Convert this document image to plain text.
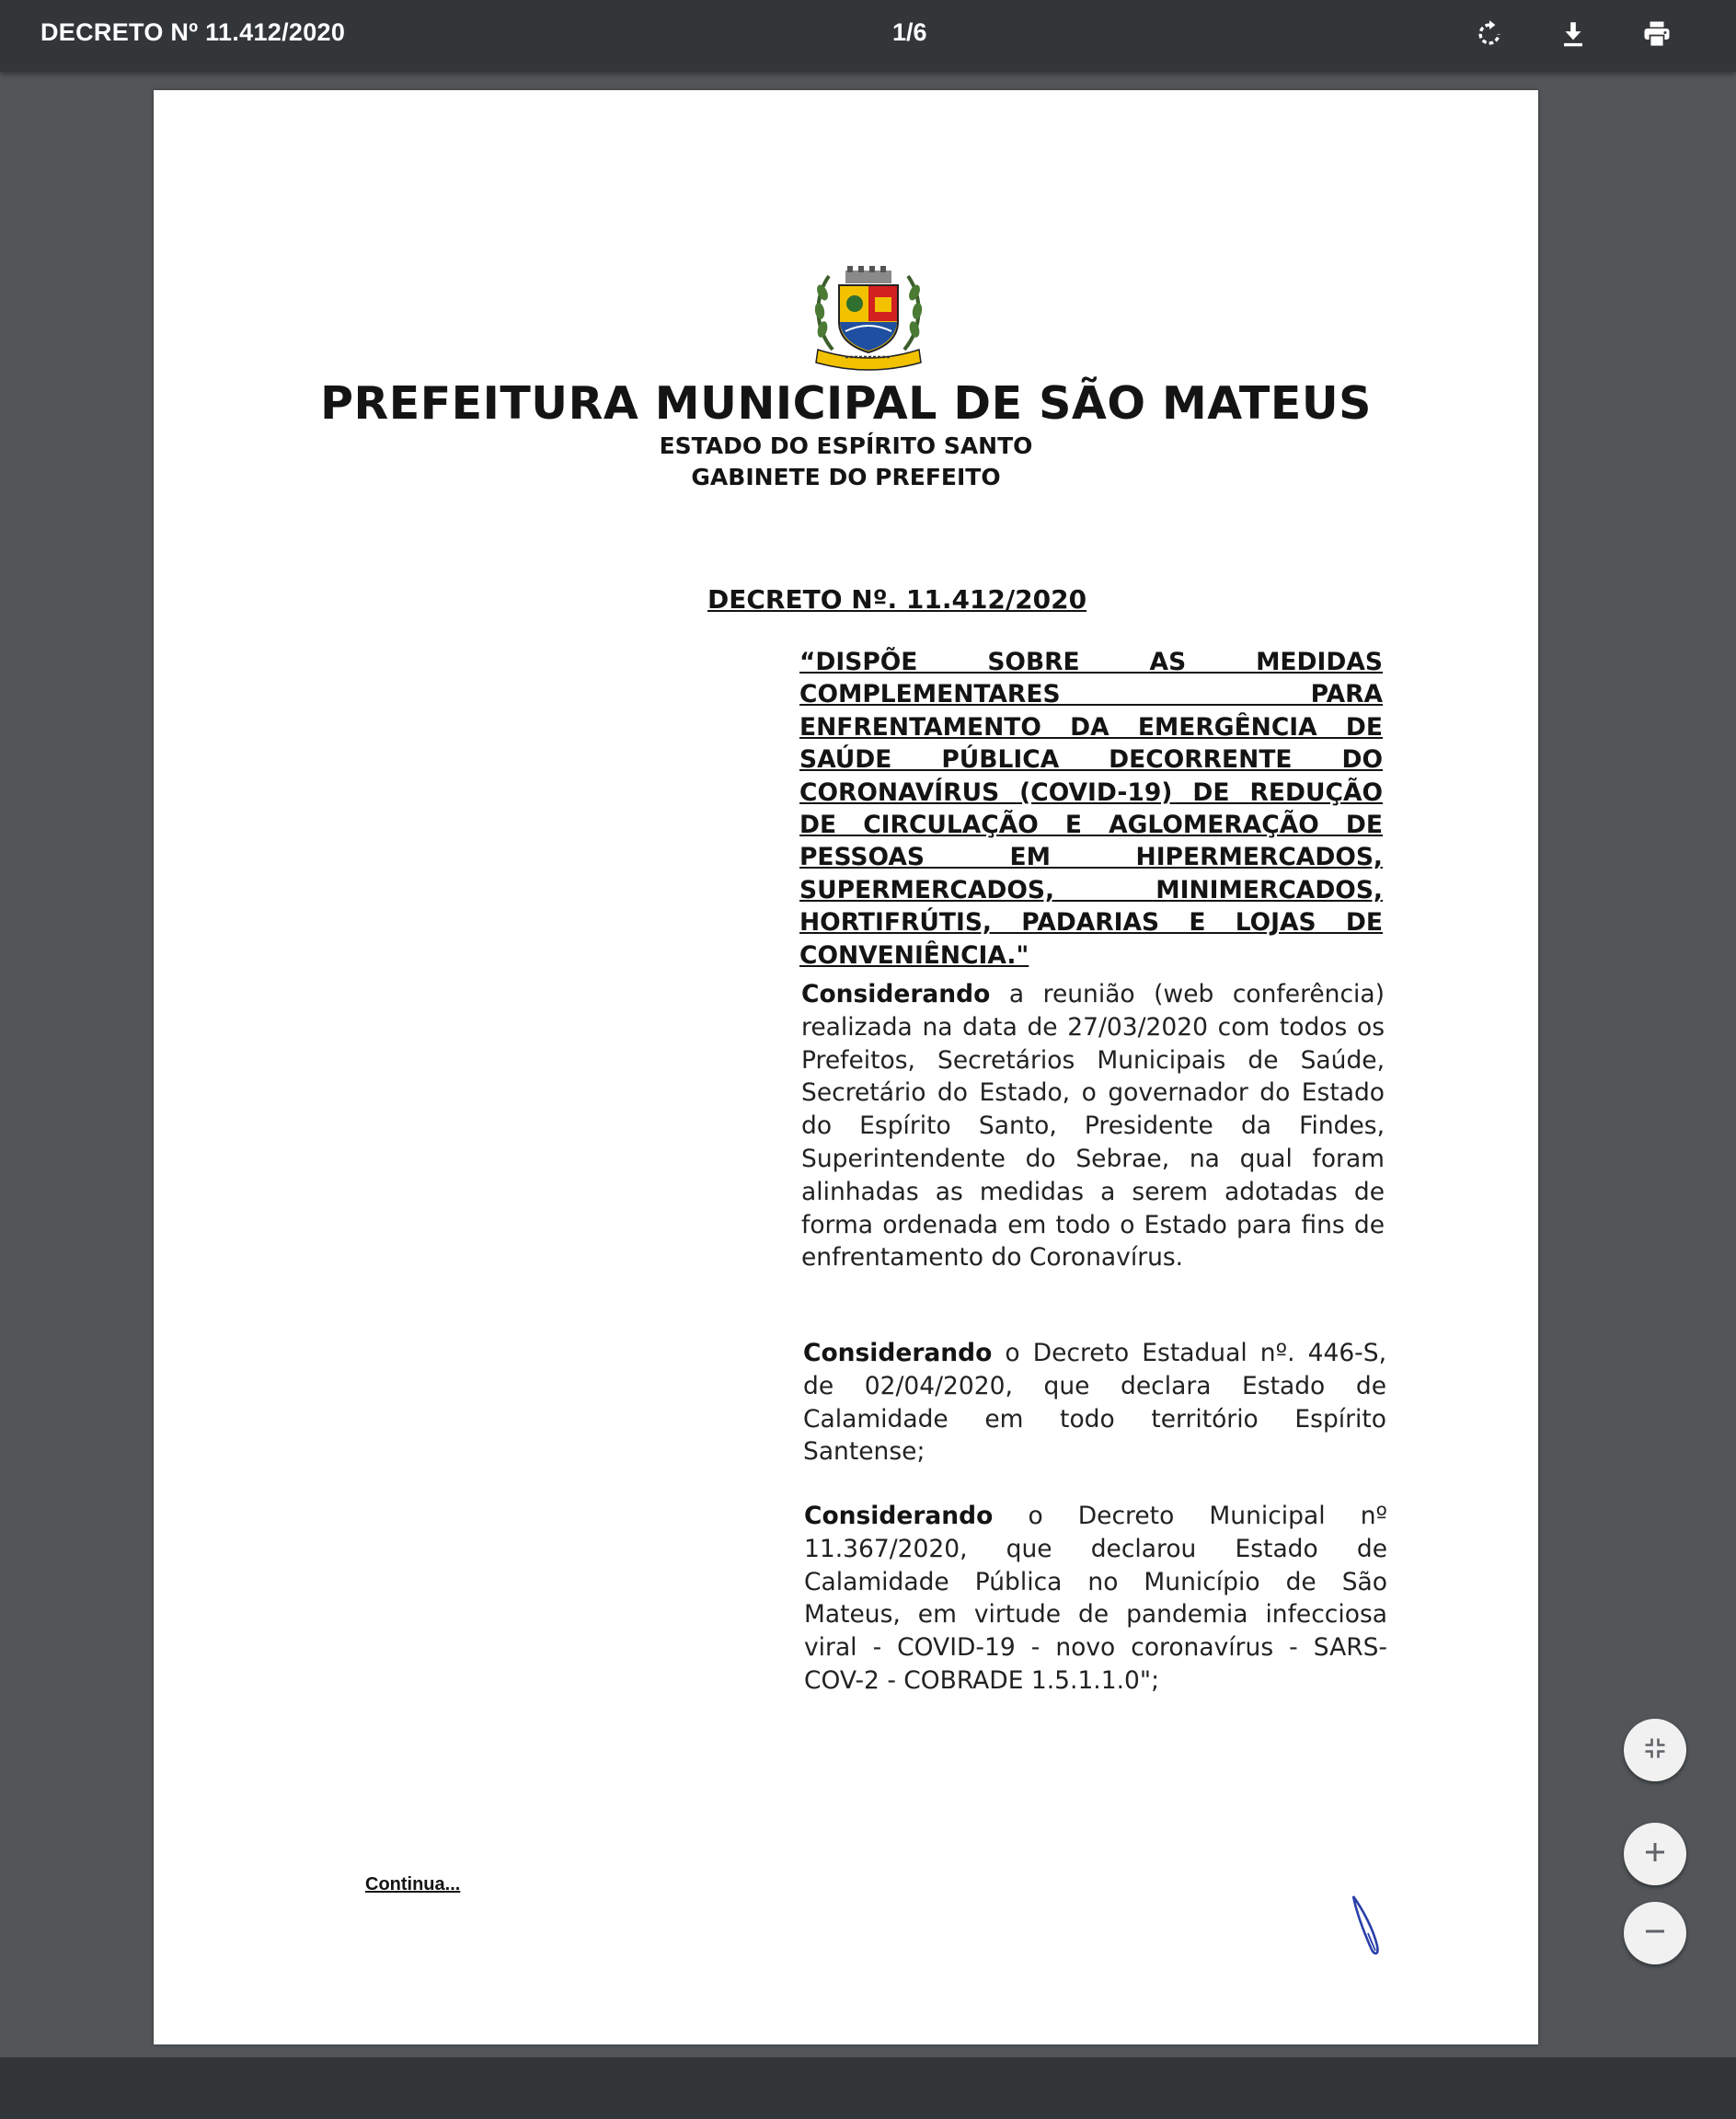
DECRETO Nº 11.412/2020	1/6
PREFEITURA MUNICIPAL DE SÃO MATEUS
ESTADO DO ESPÍRITO SANTO
GABINETE DO PREFEITO
DECRETO Nº. 11.412/2020

“DISPÕE SOBRE AS MEDIDAS COMPLEMENTARES PARA ENFRENTAMENTO DA EMERGÊNCIA DE SAÚDE PÚBLICA DECORRENTE DO CORONAVÍRUS (COVID-19) DE REDUÇÃO DE CIRCULAÇÃO E AGLOMERAÇÃO DE PESSOAS EM HIPERMERCADOS, SUPERMERCADOS, MINIMERCADOS, HORTIFRÚTIS, PADARIAS E LOJAS DE CONVENIÊNCIA."

Considerando a reunião (web conferência) realizada na data de 27/03/2020 com todos os Prefeitos, Secretários Municipais de Saúde, Secretário do Estado, o governador do Estado do Espírito Santo, Presidente da Findes, Superintendente do Sebrae, na qual foram alinhadas as medidas a serem adotadas de forma ordenada em todo o Estado para fins de enfrentamento do Coronavírus.

Considerando o Decreto Estadual nº. 446-S, de 02/04/2020, que declara Estado de Calamidade em todo território Espírito Santense;

Considerando o Decreto Municipal nº 11.367/2020, que declarou Estado de Calamidade Pública no Município de São Mateus, em virtude de pandemia infecciosa viral - COVID-19 - novo coronavírus - SARS-COV-2 - COBRADE 1.5.1.1.0";

Continua...
